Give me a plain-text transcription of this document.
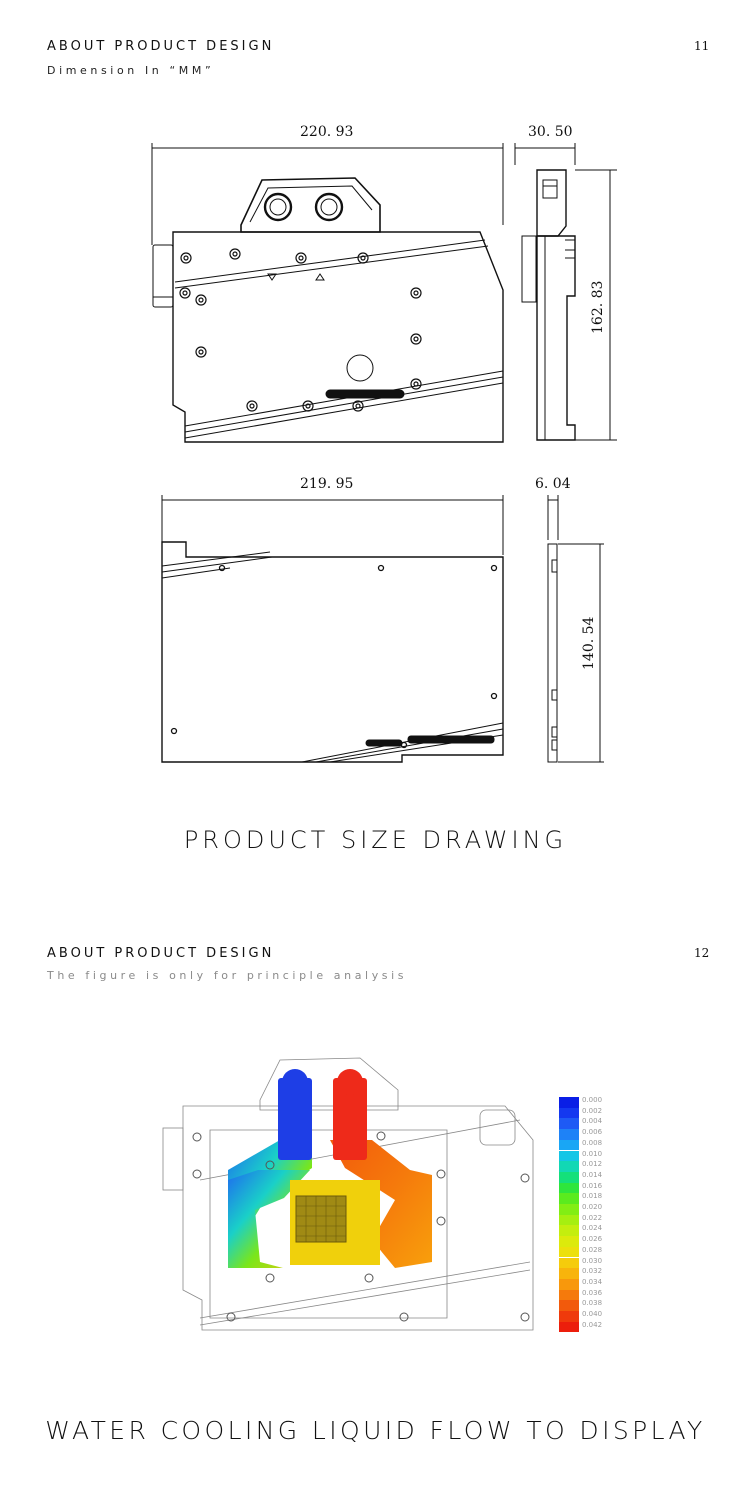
ABOUT PRODUCT DESIGN
Dimension In “MM”
11
220. 93	30. 50
162. 83
219. 95	6. 04
140. 54
PRODUCT SIZE DRAWING
ABOUT PRODUCT DESIGN
The figure is only for principle analysis
12
0.000
0.002
0.004
0.006
0.008
0.010
0.012
0.014
0.016
0.018
0.020
0.022
0.024
0.026
0.028
0.030
0.032
0.034
0.036
0.038
0.040
0.042
WATER COOLING LIQUID FLOW TO DISPLAY
